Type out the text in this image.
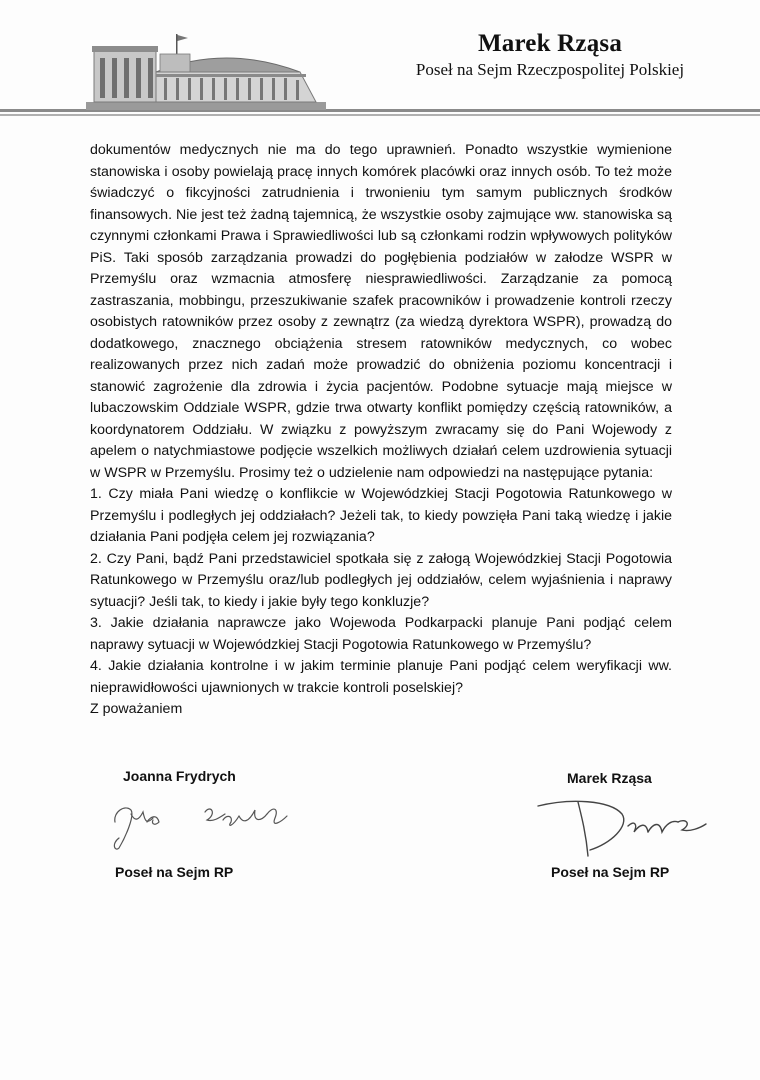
Marek Rząsa
Poseł na Sejm Rzeczpospolitej Polskiej

dokumentów medycznych nie ma do tego uprawnień. Ponadto wszystkie wymienione stanowiska i osoby powielają pracę innych komórek placówki oraz innych osób. To też może świadczyć o fikcyjności zatrudnienia i trwonieniu tym samym publicznych środków finansowych. Nie jest też żadną tajemnicą, że wszystkie osoby zajmujące ww. stanowiska są czynnymi członkami Prawa i Sprawiedliwości lub są członkami rodzin wpływowych polityków PiS. Taki sposób zarządzania prowadzi do pogłębienia podziałów w załodze WSPR w Przemyślu oraz wzmacnia atmosferę niesprawiedliwości. Zarządzanie za pomocą zastraszania, mobbingu, przeszukiwanie szafek pracowników i prowadzenie kontroli rzeczy osobistych ratowników przez osoby z zewnątrz (za wiedzą dyrektora WSPR), prowadzą do dodatkowego, znacznego obciążenia stresem ratowników medycznych, co wobec realizowanych przez nich zadań może prowadzić do obniżenia poziomu koncentracji i stanowić zagrożenie dla zdrowia i życia pacjentów. Podobne sytuacje mają miejsce w lubaczowskim Oddziale WSPR, gdzie trwa otwarty konflikt pomiędzy częścią ratowników, a koordynatorem Oddziału. W związku z powyższym zwracamy się do Pani Wojewody z apelem o natychmiastowe podjęcie wszelkich możliwych działań celem uzdrowienia sytuacji w WSPR w Przemyślu. Prosimy też o udzielenie nam odpowiedzi na następujące pytania:

1. Czy miała Pani wiedzę o konflikcie w Wojewódzkiej Stacji Pogotowia Ratunkowego w Przemyślu i podległych jej oddziałach? Jeżeli tak, to kiedy powzięła Pani taką wiedzę i jakie działania Pani podjęła celem jej rozwiązania?

2. Czy Pani, bądź Pani przedstawiciel spotkała się z załogą Wojewódzkiej Stacji Pogotowia Ratunkowego w Przemyślu oraz/lub podległych jej oddziałów, celem wyjaśnienia i naprawy sytuacji? Jeśli tak, to kiedy i jakie były tego konkluzje?

3. Jakie działania naprawcze jako Wojewoda Podkarpacki planuje Pani podjąć celem naprawy sytuacji w Wojewódzkiej Stacji Pogotowia Ratunkowego w Przemyślu?

4. Jakie działania kontrolne i w jakim terminie planuje Pani podjąć celem weryfikacji ww. nieprawidłowości ujawnionych w trakcie kontroli poselskiej?

Z poważaniem

Joanna Frydrych
Poseł na Sejm RP
Marek Rząsa
Poseł na Sejm RP
